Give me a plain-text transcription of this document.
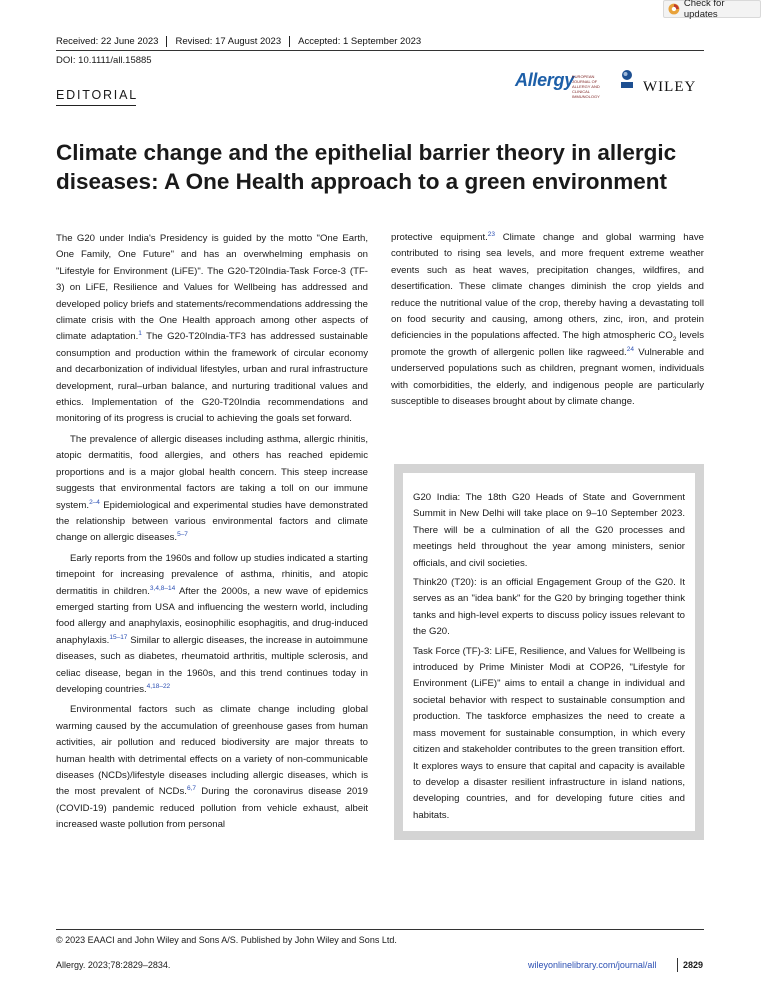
Check for updates
Received: 22 June 2023	Revised: 17 August 2023	Accepted: 1 September 2023
DOI: 10.1111/all.15885
Allergy
EUROPEAN JOURNAL OF ALLERGY AND CLINICAL IMMUNOLOGY
WILEY
EDITORIAL
Climate change and the epithelial barrier theory in allergic diseases: A One Health approach to a green environment

The G20 under India's Presidency is guided by the motto "One Earth, One Family, One Future" and has an overwhelming emphasis on "Lifestyle for Environment (LiFE)". The G20-T20India-Task Force-3 (TF-3) on LiFE, Resilience and Values for Wellbeing has addressed and developed policy briefs and statements/recommendations addressing the climate crisis with the One Health approach among other aspects of climate adaptation.$^1$ The G20-T20India-TF3 has addressed sustainable consumption and production within the framework of circular economy and decarbonization of individual lifestyles, urban and rural infrastructure development, rural–urban balance, and nurturing traditional values and ethics. Implementation of the G20-T20India recommendations and monitoring of its progress is crucial to achieving the goals set forward.

The prevalence of allergic diseases including asthma, allergic rhinitis, atopic dermatitis, food allergies, and others has reached epidemic proportions and is a major global health concern. This steep increase suggests that environmental factors are taking a toll on our immune system.$^{2-4}$ Epidemiological and experimental studies have demonstrated the relationship between various environmental factors and climate change on allergic diseases.$^{5-7}$

Early reports from the 1960s and follow up studies indicated a starting timepoint for increasing prevalence of asthma, rhinitis, and atopic dermatitis in children.$^{3,4,8-14}$ After the 2000s, a new wave of epidemics emerged starting from USA and influencing the western world, including food allergy and anaphylaxis, eosinophilic esophagitis, and drug-induced anaphylaxis.$^{15-17}$ Similar to allergic diseases, the increase in autoimmune diseases, such as diabetes, rheumatoid arthritis, multiple sclerosis, and celiac disease, began in the 1960s, and this trend continues today in developing countries.$^{4,18-22}$

Environmental factors such as climate change including global warming caused by the accumulation of greenhouse gases from human activities, air pollution and reduced biodiversity are major threats to human health with detrimental effects on a variety of non-communicable diseases (NCDs)/lifestyle diseases including allergic diseases, which is the most prevalent of NCDs.$^{6,7}$ During the coronavirus disease 2019 (COVID-19) pandemic reduced pollution from vehicle exhaust, albeit increased waste pollution from personal

protective equipment.$^{23}$ Climate change and global warming have contributed to rising sea levels, and more frequent extreme weather events such as heat waves, precipitation changes, wildfires, and desertification. These climate changes diminish the crop yields and reduce the nutritional value of the crop, thereby having a devastating toll on food security and causing, among others, zinc, iron, and protein deficiencies in the populations affected. The high atmospheric $CO_2$ levels promote the growth of allergenic pollen like ragweed.$^{24}$ Vulnerable and underserved populations such as children, pregnant women, individuals with comorbidities, the elderly, and indigenous people are particularly susceptible to diseases brought about by climate change.

G20 India: The 18th G20 Heads of State and Government Summit in New Delhi will take place on 9–10 September 2023. There will be a culmination of all the G20 processes and meetings held throughout the year among ministers, senior officials, and civil societies.

Think20 (T20): is an official Engagement Group of the G20. It serves as an "idea bank" for the G20 by bringing together think tanks and high-level experts to discuss policy issues relevant to the G20.

Task Force (TF)-3: LiFE, Resilience, and Values for Wellbeing is introduced by Prime Minister Modi at COP26, "Lifestyle for Environment (LiFE)" aims to entail a change in individual and societal behavior with respect to sustainable consumption and production. The taskforce emphasizes the need to create a mass movement for sustainable consumption, in which every citizen and stakeholder contributes to the green transition effort. It explores ways to ensure that capital and capacity is available to develop a disaster resilient infrastructure in island nations, developing countries, and for developing future cities and habitats.

© 2023 EAACI and John Wiley and Sons A/S. Published by John Wiley and Sons Ltd.
Allergy. 2023;78:2829–2834.	wileyonlinelibrary.com/journal/all	2829
